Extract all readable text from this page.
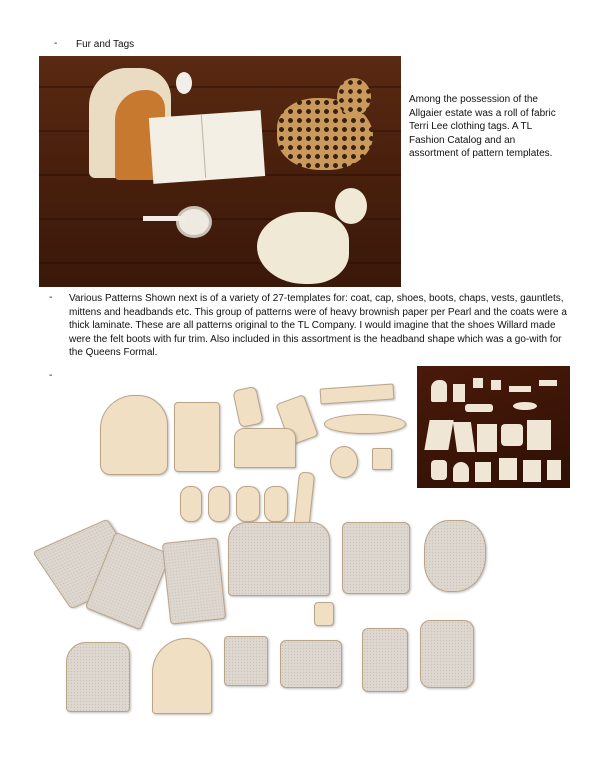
- Fur and Tags
Among the possession of the Allgaier estate was a roll of fabric Terri Lee clothing tags. A TL Fashion Catalog and an assortment of pattern templates.
- Various Patterns Shown next is of a variety of 27-templates for: coat, cap, shoes, boots, chaps, vests, gauntlets, mittens and headbands etc. This group of patterns were of heavy brownish paper per Pearl and the coats were a thick laminate. These are all patterns original to the TL Company. I would imagine that the shoes Willard made were the felt boots with fur trim. Also included in this assortment is the headband shape which was a go-with for the Queens Formal.
-
